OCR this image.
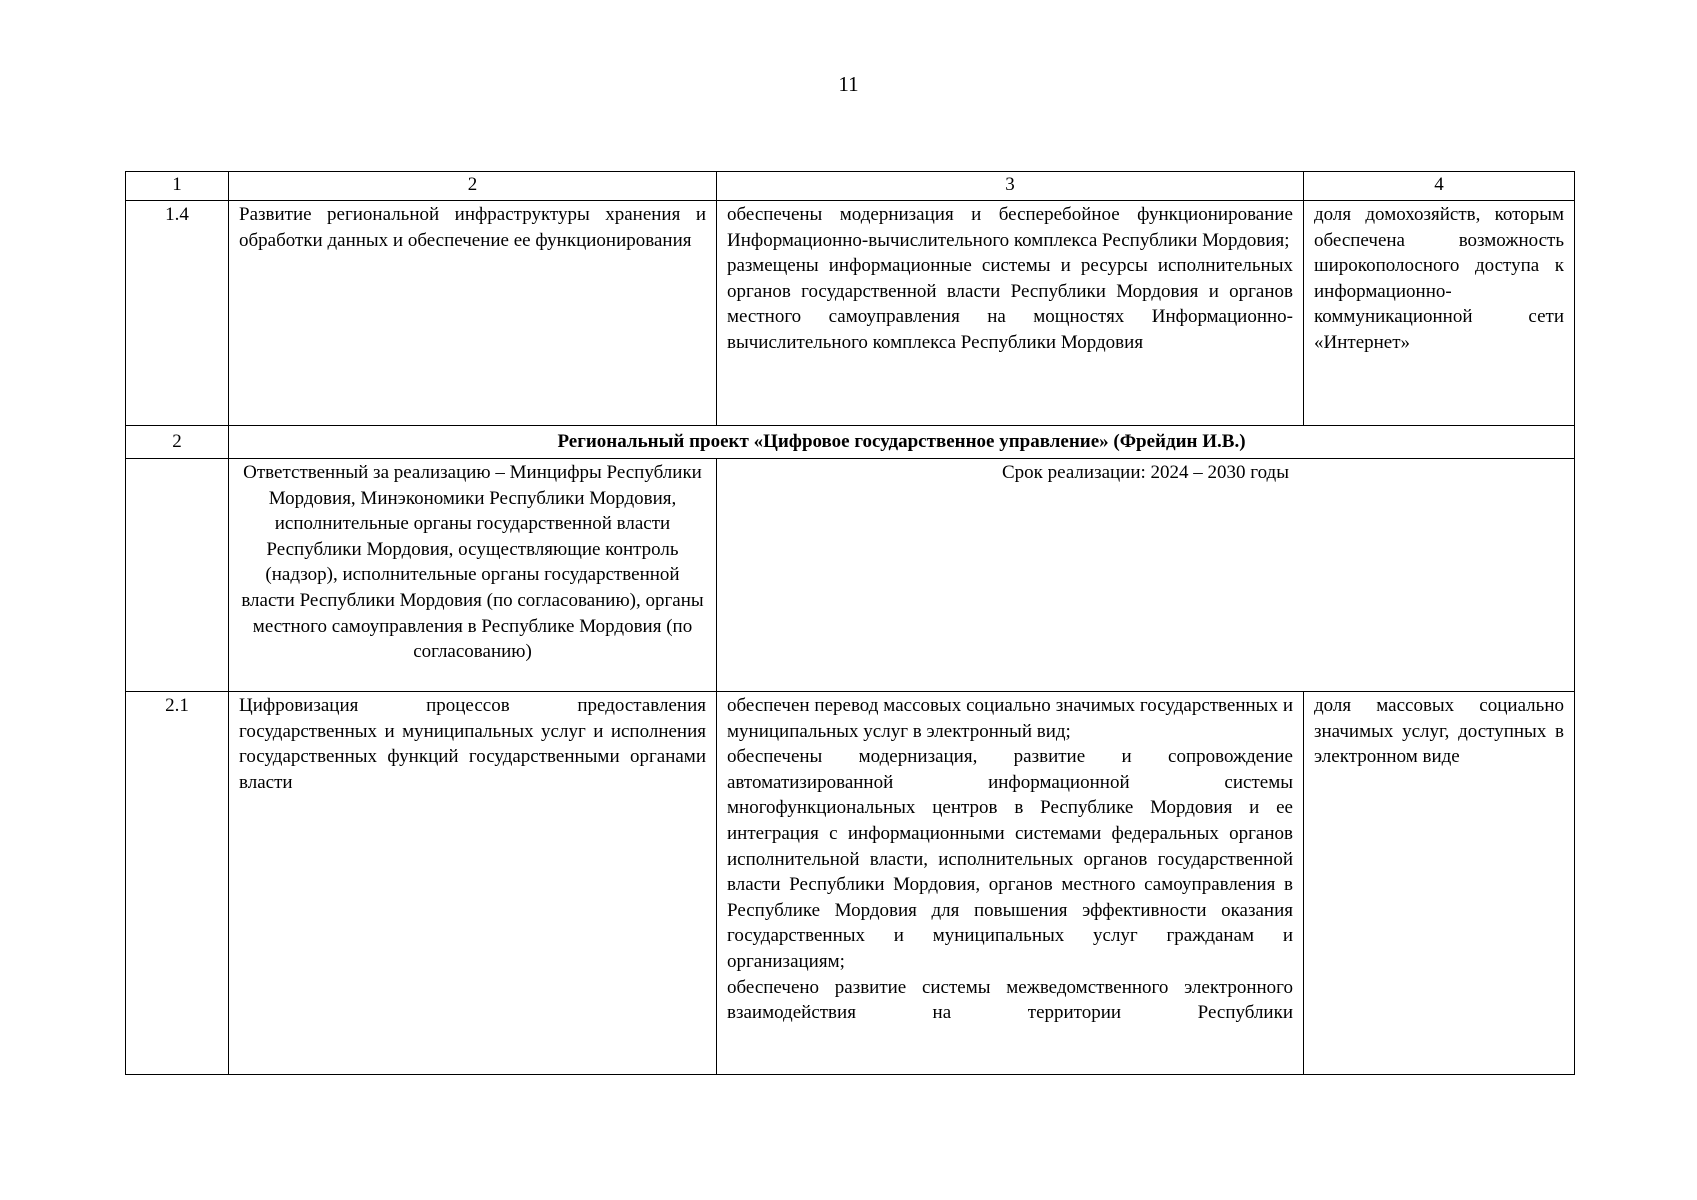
11
1	2	3	4
1.4	Развитие региональной инфраструктуры хранения и обработки данных и обеспечение ее функционирования	обеспечены модернизация и бесперебойное функционирование Информационно-вычислительного комплекса Республики Мордовия;
размещены информационные системы и ресурсы исполнительных органов государственной власти Республики Мордовия и органов местного самоуправления на мощностях Информационно-вычислительного комплекса Республики Мордовия	доля домохозяйств, которым обеспечена возможность широкополосного доступа к информационно-коммуникационной сети «Интернет»

2	Региональный проект «Цифровое государственное управление» (Фрейдин И.В.)		
	Ответственный за реализацию – Минцифры Республики Мордовия, Минэкономики Республики Мордовия, исполнительные органы государственной власти Республики Мордовия, осуществляющие контроль (надзор), исполнительные органы государственной власти Республики Мордовия (по согласованию), органы местного самоуправления в Республике Мордовия (по согласованию)	Срок реализации: 2024 – 2030 годы	
2.1	Цифровизация процессов предоставления государственных и муниципальных услуг и исполнения государственных функций государственными органами власти	обеспечен перевод массовых социально значимых государственных и муниципальных услуг в электронный вид;
обеспечены модернизация, развитие и сопровождение автоматизированной информационной системы многофункциональных центров в Республике Мордовия и ее интеграция с информационными системами федеральных органов исполнительной власти, исполнительных органов государственной власти Республики Мордовия, органов местного самоуправления в Республике Мордовия для повышения эффективности оказания государственных и муниципальных услуг гражданам и организациям;
обеспечено развитие системы межведомственного электронного взаимодействия на территории Республики	доля массовых социально значимых услуг, доступных в электронном виде
